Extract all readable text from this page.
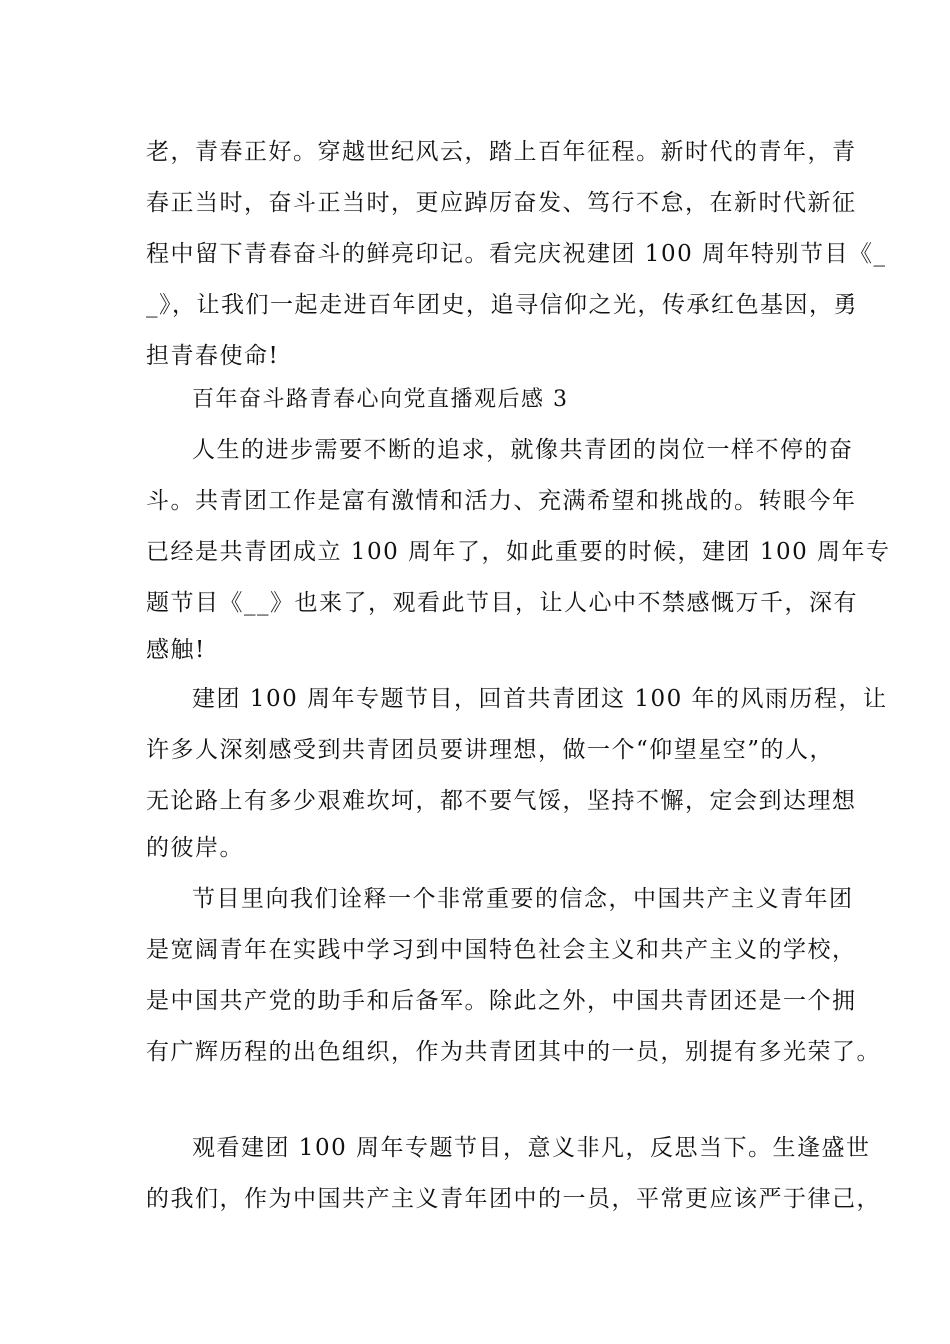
老，青春正好。穿越世纪风云，踏上百年征程。新时代的青年，青
春正当时，奋斗正当时，更应踔厉奋发、笃行不怠，在新时代新征
程中留下青春奋斗的鲜亮印记。看完庆祝建团 100 周年特别节目《_
_》，让我们一起走进百年团史，追寻信仰之光，传承红色基因，勇
担青春使命!
百年奋斗路青春心向党直播观后感 3
人生的进步需要不断的追求，就像共青团的岗位一样不停的奋
斗。共青团工作是富有激情和活力、充满希望和挑战的。转眼今年
已经是共青团成立 100 周年了，如此重要的时候，建团 100 周年专
题节目《__》也来了，观看此节目，让人心中不禁感慨万千，深有
感触!
建团 100 周年专题节目，回首共青团这 100 年的风雨历程，让
许多人深刻感受到共青团员要讲理想，做一个“仰望星空”的人，
无论路上有多少艰难坎坷，都不要气馁，坚持不懈，定会到达理想
的彼岸。
节目里向我们诠释一个非常重要的信念，中国共产主义青年团
是宽阔青年在实践中学习到中国特色社会主义和共产主义的学校，
是中国共产党的助手和后备军。除此之外，中国共青团还是一个拥
有广辉历程的出色组织，作为共青团其中的一员，别提有多光荣了。
观看建团 100 周年专题节目，意义非凡，反思当下。生逢盛世
的我们，作为中国共产主义青年团中的一员，平常更应该严于律己，
